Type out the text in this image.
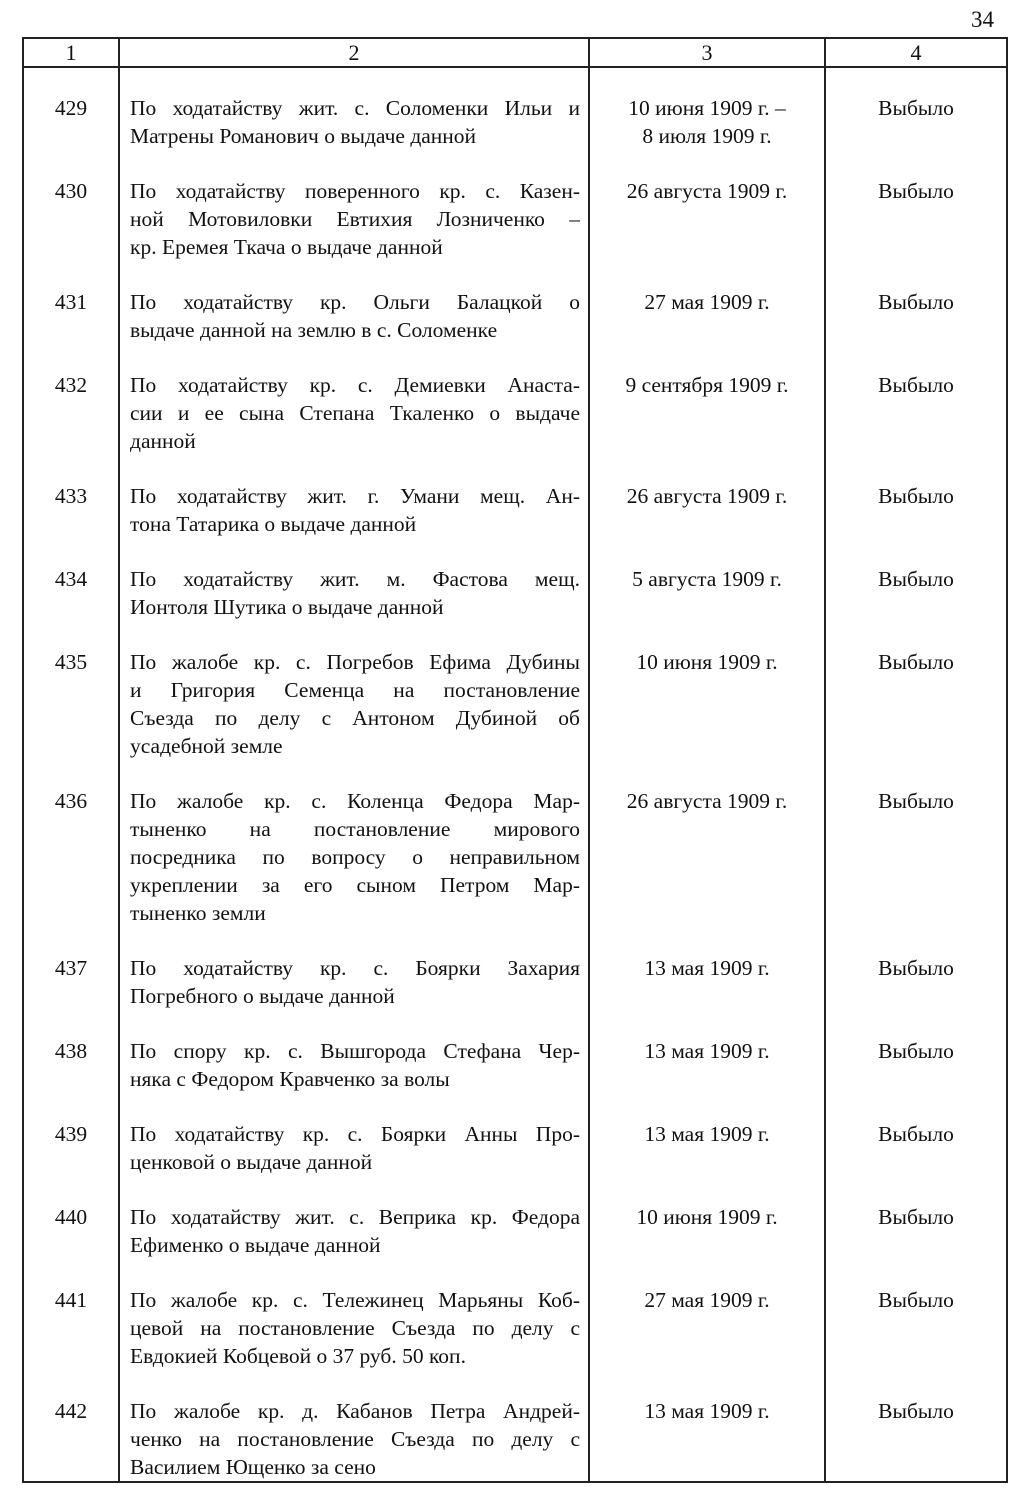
34
1	2	3	4
429	По ходатайству жит. с. Соломенки Ильи и
Матрены Романович о выдаче данной	10 июня 1909 г. –
8 июля 1909 г.	Выбыло
430	По ходатайству поверенного кр. с. Казен-
ной Мотовиловки Евтихия Лозниченко –
кр. Еремея Ткача о выдаче данной	26 августа 1909 г.	Выбыло
431	По ходатайству кр. Ольги Балацкой о
выдаче данной на землю в с. Соломенке	27 мая 1909 г.	Выбыло
432	По ходатайству кр. с. Демиевки Анаста-
сии и ее сына Степана Ткаленко о выдаче
данной	9 сентября 1909 г.	Выбыло
433	По ходатайству жит. г. Умани мещ. Ан-
тона Татарика о выдаче данной	26 августа 1909 г.	Выбыло
434	По ходатайству жит. м. Фастова мещ.
Ионтоля Шутика о выдаче данной	5 августа 1909 г.	Выбыло
435	По жалобе кр. с. Погребов Ефима Дубины
и Григория Семенца на постановление
Съезда по делу с Антоном Дубиной об
усадебной земле	10 июня 1909 г.	Выбыло
436	По жалобе кр. с. Коленца Федора Мар-
тыненко на постановление мирового
посредника по вопросу о неправильном
укреплении за его сыном Петром Мар-
тыненко земли	26 августа 1909 г.	Выбыло
437	По ходатайству кр. с. Боярки Захария
Погребного о выдаче данной	13 мая 1909 г.	Выбыло
438	По спору кр. с. Вышгорода Стефана Чер-
няка с Федором Кравченко за волы	13 мая 1909 г.	Выбыло
439	По ходатайству кр. с. Боярки Анны Про-
ценковой о выдаче данной	13 мая 1909 г.	Выбыло
440	По ходатайству жит. с. Веприка кр. Федора
Ефименко о выдаче данной	10 июня 1909 г.	Выбыло
441	По жалобе кр. с. Тележинец Марьяны Коб-
цевой на постановление Съезда по делу с
Евдокией Кобцевой о 37 руб. 50 коп.	27 мая 1909 г.	Выбыло
442	По жалобе кр. д. Кабанов Петра Андрей-
ченко на постановление Съезда по делу с
Василием Ющенко за сено	13 мая 1909 г.	Выбыло
